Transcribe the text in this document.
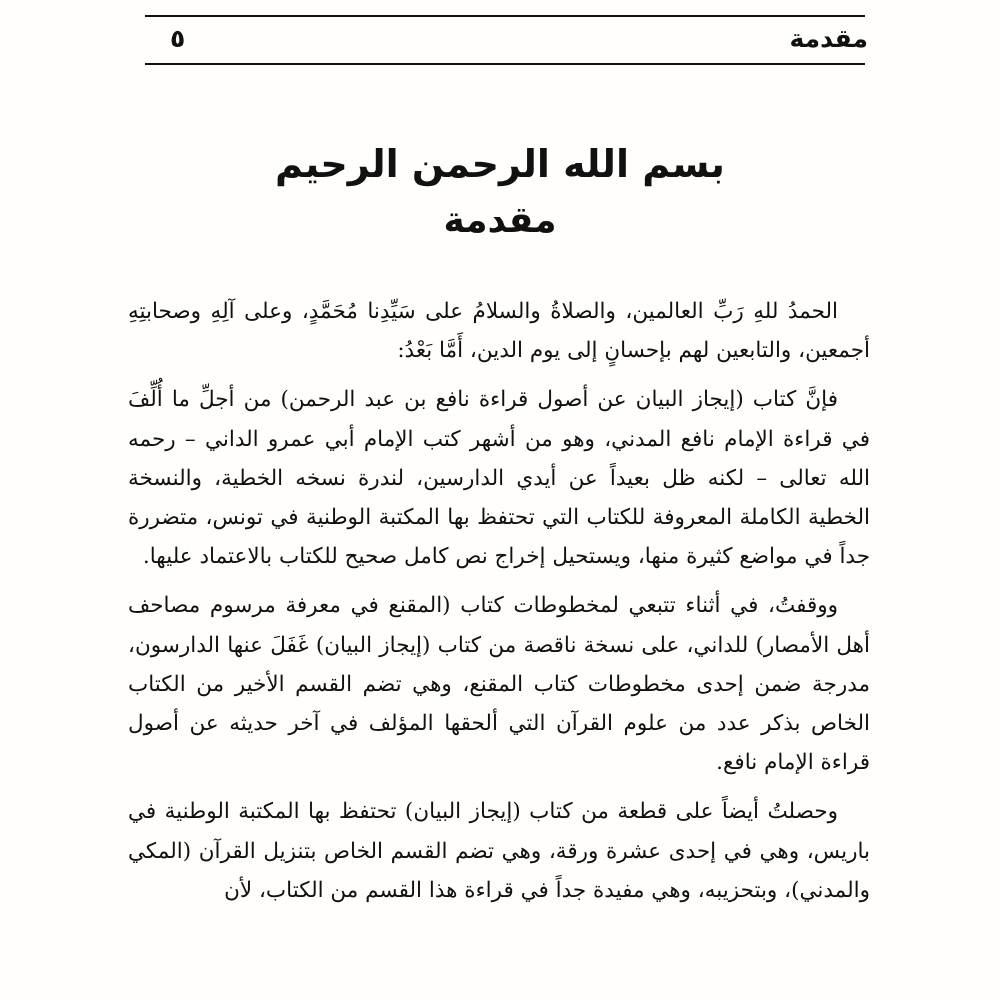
مقدمة
٥
بسم الله الرحمن الرحيم
مقدمة

الحمدُ للهِ رَبِّ العالمين، والصلاةُ والسلامُ على سَيِّدِنا مُحَمَّدٍ، وعلى آلِهِ وصحابتِهِ أجمعين، والتابعين لهم بإحسانٍ إلى يوم الدين، أَمَّا بَعْدُ:

فإنَّ كتاب (إيجاز البيان عن أصول قراءة نافع بن عبد الرحمن) من أجلِّ ما أُلِّفَ في قراءة الإمام نافع المدني، وهو من أشهر كتب الإمام أبي عمرو الداني – رحمه الله تعالى – لكنه ظل بعيداً عن أيدي الدارسين، لندرة نسخه الخطية، والنسخة الخطية الكاملة المعروفة للكتاب التي تحتفظ بها المكتبة الوطنية في تونس، متضررة جداً في مواضع كثيرة منها، ويستحيل إخراج نص كامل صحيح للكتاب بالاعتماد عليها.

ووقفتُ، في أثناء تتبعي لمخطوطات كتاب (المقنع في معرفة مرسوم مصاحف أهل الأمصار) للداني، على نسخة ناقصة من كتاب (إيجاز البيان) غَفَلَ عنها الدارسون، مدرجة ضمن إحدى مخطوطات كتاب المقنع، وهي تضم القسم الأخير من الكتاب الخاص بذكر عدد من علوم القرآن التي ألحقها المؤلف في آخر حديثه عن أصول قراءة الإمام نافع.

وحصلتُ أيضاً على قطعة من كتاب (إيجاز البيان) تحتفظ بها المكتبة الوطنية في باريس، وهي في إحدى عشرة ورقة، وهي تضم القسم الخاص بتنزيل القرآن (المكي والمدني)، وبتحزيبه، وهي مفيدة جداً في قراءة هذا القسم من الكتاب، لأن
